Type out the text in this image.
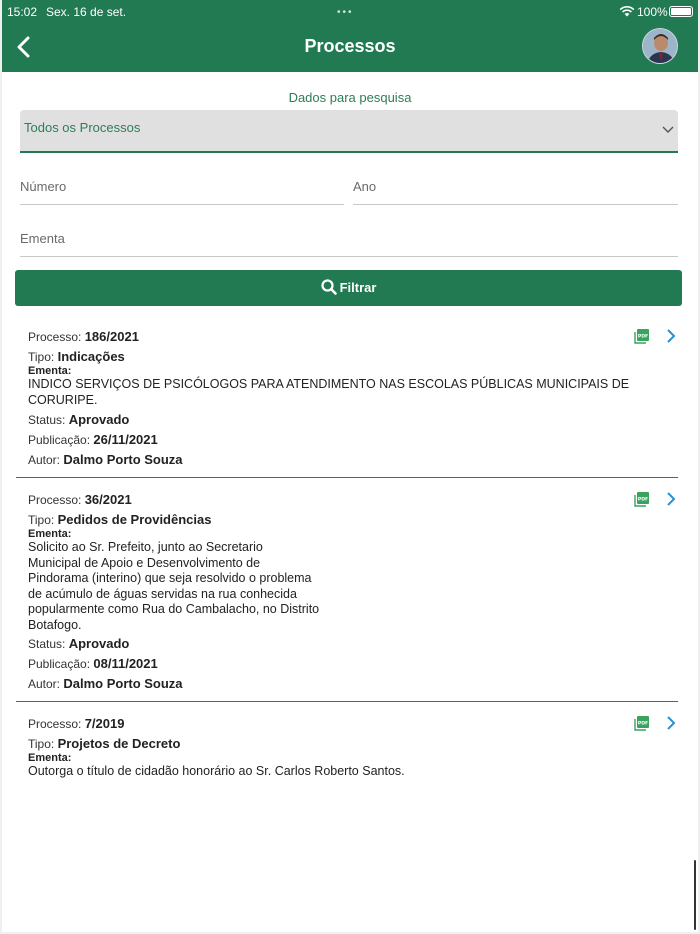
15:02 Sex. 16 de set.	•••	100%
Processos
Dados para pesquisa
Todos os Processos
Número	Ano
Ementa
Filtrar
Processo: 186/2021	PDF
Tipo: Indicações
Ementa:
INDICO SERVIÇOS DE PSICÓLOGOS PARA ATENDIMENTO NAS ESCOLAS PÚBLICAS MUNICIPAIS DE
CORURIPE.
Status: Aprovado
Publicação: 26/11/2021
Autor: Dalmo Porto Souza
Processo: 36/2021	PDF
Tipo: Pedidos de Providências
Ementa:
Solicito ao Sr. Prefeito, junto ao Secretario
Municipal de Apoio e Desenvolvimento de
Pindorama (interino) que seja resolvido o problema
de acúmulo de águas servidas na rua conhecida
popularmente como Rua do Cambalacho, no Distrito
Botafogo.
Status: Aprovado
Publicação: 08/11/2021
Autor: Dalmo Porto Souza
Processo: 7/2019	PDF
Tipo: Projetos de Decreto
Ementa:
Outorga o título de cidadão honorário ao Sr. Carlos Roberto Santos.
